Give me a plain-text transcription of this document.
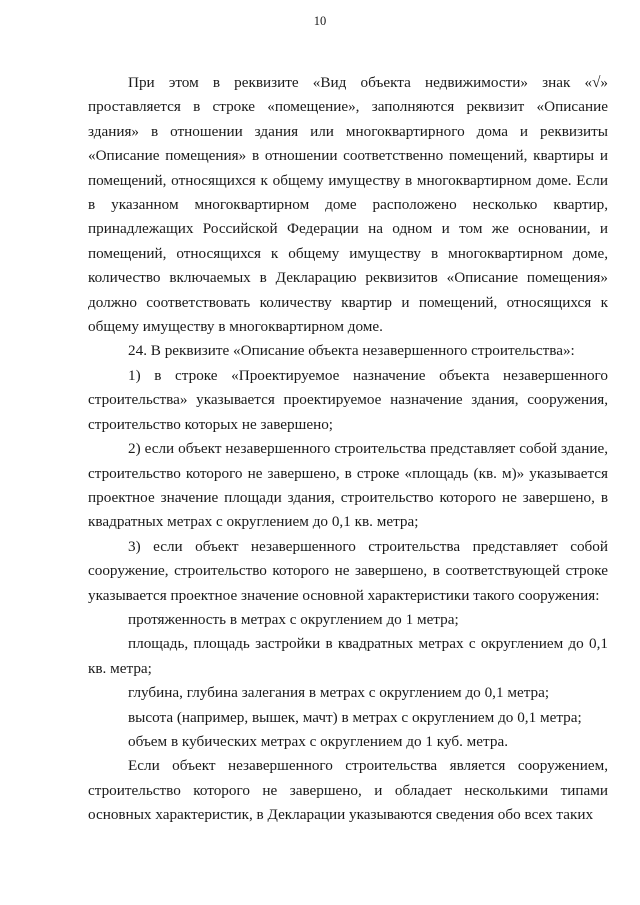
10

При этом в реквизите «Вид объекта недвижимости» знак «√» проставляется в строке «помещение», заполняются реквизит «Описание здания» в отношении здания или многоквартирного дома и реквизиты «Описание помещения» в отношении соответственно помещений, квартиры и помещений, относящихся к общему имуществу в многоквартирном доме. Если в указанном многоквартирном доме расположено несколько квартир, принадлежащих Российской Федерации на одном и том же основании, и помещений, относящихся к общему имуществу в многоквартирном доме, количество включаемых в Декларацию реквизитов «Описание помещения» должно соответствовать количеству квартир и помещений, относящихся к общему имуществу в многоквартирном доме.

24. В реквизите «Описание объекта незавершенного строительства»:

1) в строке «Проектируемое назначение объекта незавершенного строительства» указывается проектируемое назначение здания, сооружения, строительство которых не завершено;

2) если объект незавершенного строительства представляет собой здание, строительство которого не завершено, в строке «площадь (кв. м)» указывается проектное значение площади здания, строительство которого не завершено, в квадратных метрах с округлением до 0,1 кв. метра;

3) если объект незавершенного строительства представляет собой сооружение, строительство которого не завершено, в соответствующей строке указывается проектное значение основной характеристики такого сооружения:

протяженность в метрах с округлением до 1 метра;

площадь, площадь застройки в квадратных метрах с округлением до 0,1 кв. метра;

глубина, глубина залегания в метрах с округлением до 0,1 метра;

высота (например, вышек, мачт) в метрах с округлением до 0,1 метра;

объем в кубических метрах с округлением до 1 куб. метра.

Если объект незавершенного строительства является сооружением, строительство которого не завершено, и обладает несколькими типами основных характеристик, в Декларации указываются сведения обо всех таких
